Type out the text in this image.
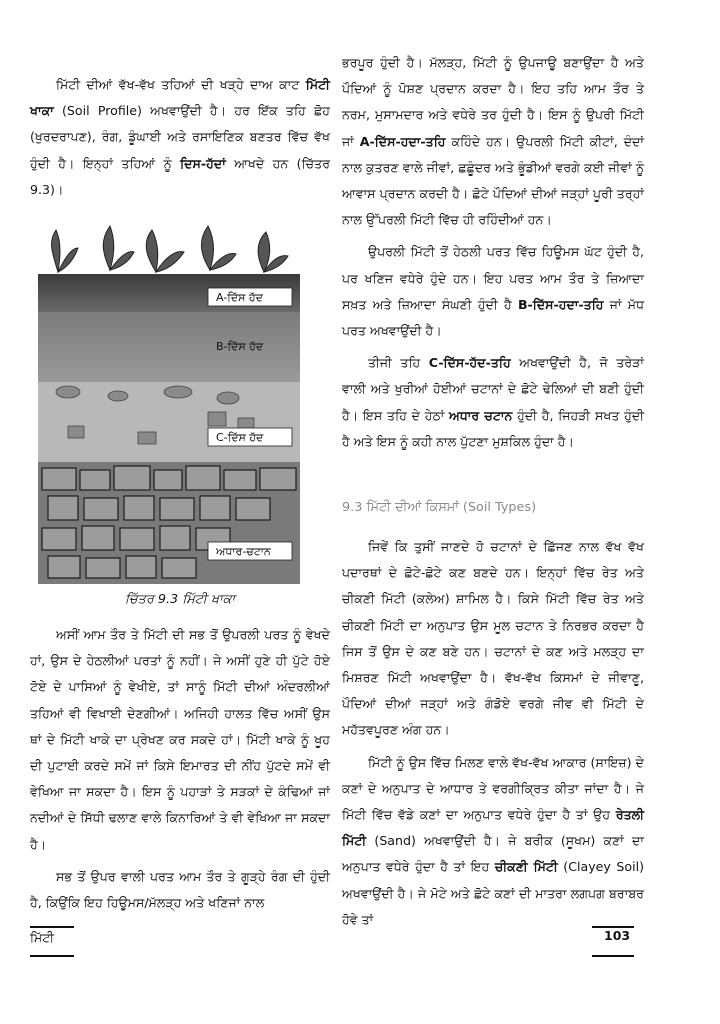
ਮਿੱਟੀ ਦੀਆਂ ਵੱਖ-ਵੱਖ ਤਹਿਆਂ ਦੀ ਖੜ੍ਹੇ ਦਾਅ ਕਾਟ ਮਿੱਟੀ ਖਾਕਾ (Soil Profile) ਅਖਵਾਉਂਦੀ ਹੈ। ਹਰ ਇੱਕ ਤਹਿ ਛੋਹ (ਖੁਰਦਰਾਪਣ), ਰੰਗ, ਡੂੰਘਾਈ ਅਤੇ ਰਸਾਇਣਿਕ ਬਣਤਰ ਵਿੱਚ ਵੱਖ ਹੁੰਦੀ ਹੈ। ਇਨ੍ਹਾਂ ਤਹਿਆਂ ਨੂੰ ਦਿਸ-ਹੱਦਾਂ ਆਖਦੇ ਹਨ (ਚਿੱਤਰ 9.3)।

A-ਦਿੱਸ ਹੱਦ
B-ਦਿੱਸ ਹੱਦ
C-ਦਿੱਸ ਹੱਦ
ਅਧਾਰ-ਚਟਾਨ
ਚਿੱਤਰ 9.3 ਮਿੱਟੀ ਖਾਕਾ

ਅਸੀਂ ਆਮ ਤੌਰ ਤੇ ਮਿੱਟੀ ਦੀ ਸਭ ਤੋਂ ਉਪਰਲੀ ਪਰਤ ਨੂੰ ਵੇਖਦੇ ਹਾਂ, ਉਸ ਦੇ ਹੇਠਲੀਆਂ ਪਰਤਾਂ ਨੂੰ ਨਹੀਂ। ਜੇ ਅਸੀਂ ਹੁਣੇ ਹੀ ਪੁੱਟੇ ਹੋਏ ਟੋਏ ਦੇ ਪਾਸਿਆਂ ਨੂੰ ਵੇਖੀਏ, ਤਾਂ ਸਾਨੂੰ ਮਿੱਟੀ ਦੀਆਂ ਅੰਦਰਲੀਆਂ ਤਹਿਆਂ ਵੀ ਵਿਖਾਈ ਦੇਣਗੀਆਂ। ਅਜਿਹੀ ਹਾਲਤ ਵਿੱਚ ਅਸੀਂ ਉਸ ਥਾਂ ਦੇ ਮਿੱਟੀ ਖਾਕੇ ਦਾ ਪ੍ਰੇਖਣ ਕਰ ਸਕਦੇ ਹਾਂ। ਮਿੱਟੀ ਖਾਕੇ ਨੂੰ ਖੂਹ ਦੀ ਪੁਟਾਈ ਕਰਦੇ ਸਮੇਂ ਜਾਂ ਕਿਸੇ ਇਮਾਰਤ ਦੀ ਨੀਂਹ ਪੁੱਟਦੇ ਸਮੇਂ ਵੀ ਵੇਖਿਆ ਜਾ ਸਕਦਾ ਹੈ। ਇਸ ਨੂੰ ਪਹਾੜਾਂ ਤੇ ਸੜਕਾਂ ਦੇ ਕੰਢਿਆਂ ਜਾਂ ਨਦੀਆਂ ਦੇ ਸਿੱਧੀ ਢਲਾਣ ਵਾਲੇ ਕਿਨਾਰਿਆਂ ਤੇ ਵੀ ਵੇਖਿਆ ਜਾ ਸਕਦਾ ਹੈ।

ਸਭ ਤੋਂ ਉਪਰ ਵਾਲੀ ਪਰਤ ਆਮ ਤੌਰ ਤੇ ਗੂੜ੍ਹੇ ਰੰਗ ਦੀ ਹੁੰਦੀ ਹੈ, ਕਿਉਂਕਿ ਇਹ ਹਿਊਮਸ/ਮੱਲੜ੍ਹ ਅਤੇ ਖਣਿਜਾਂ ਨਾਲ

ਭਰਪੂਰ ਹੁੰਦੀ ਹੈ। ਮੱਲੜ੍ਹ, ਮਿੱਟੀ ਨੂੰ ਉਪਜਾਊ ਬਣਾਉਂਦਾ ਹੈ ਅਤੇ ਪੌਦਿਆਂ ਨੂੰ ਪੋਸ਼ਣ ਪ੍ਰਦਾਨ ਕਰਦਾ ਹੈ। ਇਹ ਤਹਿ ਆਮ ਤੌਰ ਤੇ ਨਰਮ, ਮੁਸਾਮਦਾਰ ਅਤੇ ਵਧੇਰੇ ਤਰ ਹੁੰਦੀ ਹੈ। ਇਸ ਨੂੰ ਉਪਰੀ ਮਿੱਟੀ ਜਾਂ A-ਦਿੱਸ-ਹਦਾ-ਤਹਿ ਕਹਿੰਦੇ ਹਨ। ਉਪਰਲੀ ਮਿੱਟੀ ਕੀਟਾਂ, ਦੰਦਾਂ ਨਾਲ ਕੁਤਰਣ ਵਾਲੇ ਜੀਵਾਂ, ਛਛੂੰਦਰ ਅਤੇ ਭੂੰਡੀਆਂ ਵਰਗੇ ਕਈ ਜੀਵਾਂ ਨੂੰ ਆਵਾਸ ਪ੍ਰਦਾਨ ਕਰਦੀ ਹੈ। ਛੋਟੇ ਪੌਦਿਆਂ ਦੀਆਂ ਜੜ੍ਹਾਂ ਪੂਰੀ ਤਰ੍ਹਾਂ ਨਾਲ ਉੱਪਰਲੀ ਮਿੱਟੀ ਵਿੱਚ ਹੀ ਰਹਿੰਦੀਆਂ ਹਨ।

ਉਪਰਲੀ ਮਿੱਟੀ ਤੋਂ ਹੇਠਲੀ ਪਰਤ ਵਿੱਚ ਹਿਊਮਸ ਘੱਟ ਹੁੰਦੀ ਹੈ, ਪਰ ਖਣਿਜ ਵਧੇਰੇ ਹੁੰਦੇ ਹਨ। ਇਹ ਪਰਤ ਆਮ ਤੌਰ ਤੇ ਜ਼ਿਆਦਾ ਸਖ਼ਤ ਅਤੇ ਜ਼ਿਆਦਾ ਸੰਘਣੀ ਹੁੰਦੀ ਹੈ B-ਦਿੱਸ-ਹਦਾ-ਤਹਿ ਜਾਂ ਮੱਧ ਪਰਤ ਅਖਵਾਉਂਦੀ ਹੈ।

ਤੀਜੀ ਤਹਿ C-ਦਿੱਸ-ਹੱਦ-ਤਹਿ ਅਖਵਾਉਂਦੀ ਹੈ, ਜੋ ਤਰੇੜਾਂ ਵਾਲੀ ਅਤੇ ਖੁਰੀਆਂ ਹੋਈਆਂ ਚਟਾਨਾਂ ਦੇ ਛੋਟੇ ਢੇਲਿਆਂ ਦੀ ਬਣੀ ਹੁੰਦੀ ਹੈ। ਇਸ ਤਹਿ ਦੇ ਹੇਠਾਂ ਅਧਾਰ ਚਟਾਨ ਹੁੰਦੀ ਹੈ, ਜਿਹੜੀ ਸਖਤ ਹੁੰਦੀ ਹੈ ਅਤੇ ਇਸ ਨੂੰ ਕਹੀ ਨਾਲ ਪੁੱਟਣਾ ਮੁਸ਼ਕਿਲ ਹੁੰਦਾ ਹੈ।

9.3 ਮਿੱਟੀ ਦੀਆਂ ਕਿਸਮਾਂ (Soil Types)

ਜਿਵੇਂ ਕਿ ਤੁਸੀਂ ਜਾਣਦੇ ਹੋ ਚਟਾਨਾਂ ਦੇ ਛਿੱਜਣ ਨਾਲ ਵੱਖ ਵੱਖ ਪਦਾਰਥਾਂ ਦੇ ਛੋਟੇ-ਛੋਟੇ ਕਣ ਬਣਦੇ ਹਨ। ਇਨ੍ਹਾਂ ਵਿੱਚ ਰੇਤ ਅਤੇ ਚੀਕਣੀ ਮਿੱਟੀ (ਕਲੇਅ) ਸ਼ਾਮਿਲ ਹੈ। ਕਿਸੇ ਮਿੱਟੀ ਵਿੱਚ ਰੇਤ ਅਤੇ ਚੀਕਣੀ ਮਿੱਟੀ ਦਾ ਅਨੁਪਾਤ ਉਸ ਮੂਲ ਚਟਾਨ ਤੇ ਨਿਰਭਰ ਕਰਦਾ ਹੈ ਜਿਸ ਤੋਂ ਉਸ ਦੇ ਕਣ ਬਣੇ ਹਨ। ਚਟਾਨਾਂ ਦੇ ਕਣ ਅਤੇ ਮਲੜ੍ਹ ਦਾ ਮਿਸ਼ਰਣ ਮਿੱਟੀ ਅਖਵਾਉਂਦਾ ਹੈ। ਵੱਖ-ਵੱਖ ਕਿਸਮਾਂ ਦੇ ਜੀਵਾਣੂ, ਪੌਦਿਆਂ ਦੀਆਂ ਜੜ੍ਹਾਂ ਅਤੇ ਗੰਡੋਏ ਵਰਗੇ ਜੀਵ ਵੀ ਮਿੱਟੀ ਦੇ ਮਹੱਤਵਪੂਰਣ ਅੰਗ ਹਨ।

ਮਿੱਟੀ ਨੂੰ ਉਸ ਵਿੱਚ ਮਿਲਣ ਵਾਲੇ ਵੱਖ-ਵੱਖ ਆਕਾਰ (ਸਾਇਜ਼) ਦੇ ਕਣਾਂ ਦੇ ਅਨੁਪਾਤ ਦੇ ਆਧਾਰ ਤੇ ਵਰਗੀਕ੍ਰਿਤ ਕੀਤਾ ਜਾਂਦਾ ਹੈ। ਜੇ ਮਿੱਟੀ ਵਿੱਚ ਵੱਡੇ ਕਣਾਂ ਦਾ ਅਨੁਪਾਤ ਵਧੇਰੇ ਹੁੰਦਾ ਹੈ ਤਾਂ ਉਹ ਰੇਤਲੀ ਮਿੱਟੀ (Sand) ਅਖਵਾਉਂਦੀ ਹੈ। ਜੇ ਬਰੀਕ (ਸੂਖਮ) ਕਣਾਂ ਦਾ ਅਨੁਪਾਤ ਵਧੇਰੇ ਹੁੰਦਾ ਹੈ ਤਾਂ ਇਹ ਚੀਕਣੀ ਮਿੱਟੀ (Clayey Soil) ਅਖਵਾਉਂਦੀ ਹੈ। ਜੇ ਮੋਟੇ ਅਤੇ ਛੋਟੇ ਕਣਾਂ ਦੀ ਮਾਤਰਾ ਲਗਪਗ ਬਰਾਬਰ ਹੋਵੇ ਤਾਂ

ਮਿੱਟੀ	103
